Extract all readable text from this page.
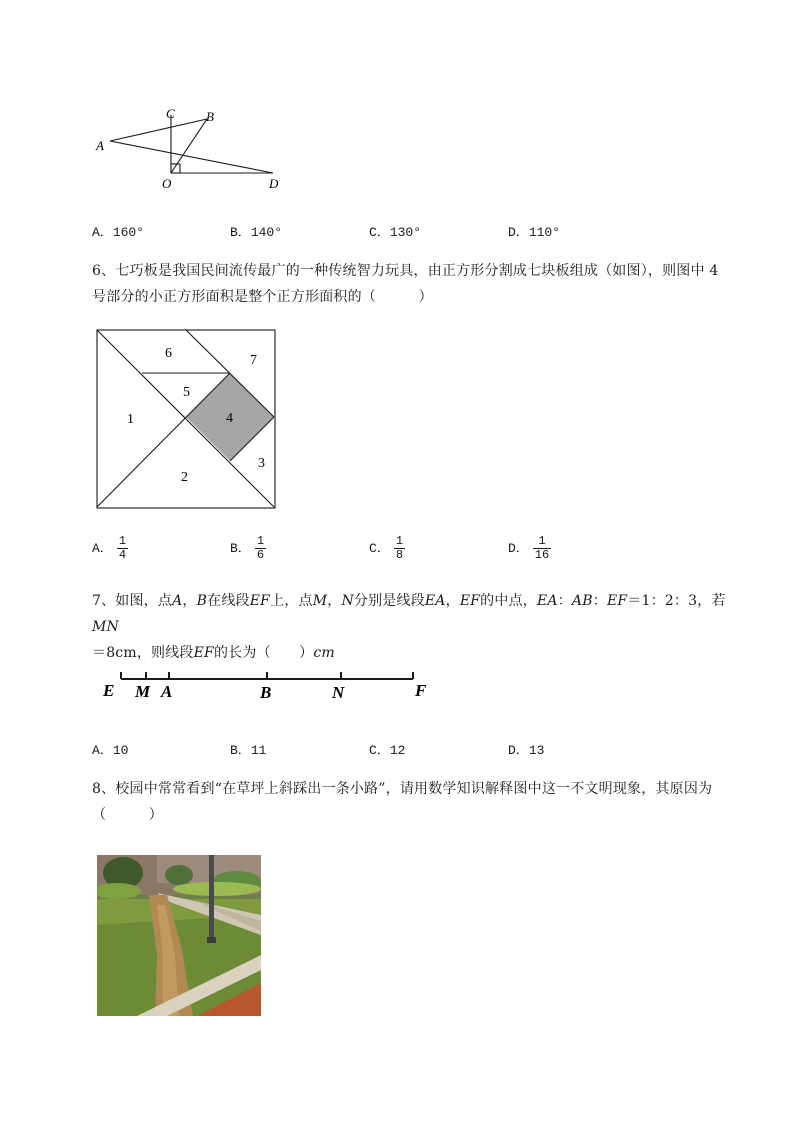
A
C B
O	D
A．160°	B．140°	C．130°	D．110°
6、七巧板是我国民间流传最广的一种传统智力玩具，由正方形分割成七块板组成（如图），则图中 4
号部分的小正方形面积是整个正方形面积的（　　　）
6	7
5
4
1
3
2
A． $\frac{1}{4}$	B． $\frac{1}{6}$	C． $\frac{1}{8}$	D． $\frac{1}{16}$
7、如图，点A，B在线段EF上，点M，N分别是线段EA，EF的中点，EA：AB：EF＝1：2：3，若MN
＝8cm，则线段EF的长为（　　）cm
E M A	B	N	F
A．10	B．11	C．12	D．13
8、校园中常常看到“在草坪上斜踩出一条小路”，请用数学知识解释图中这一不文明现象，其原因为
（　　　）
